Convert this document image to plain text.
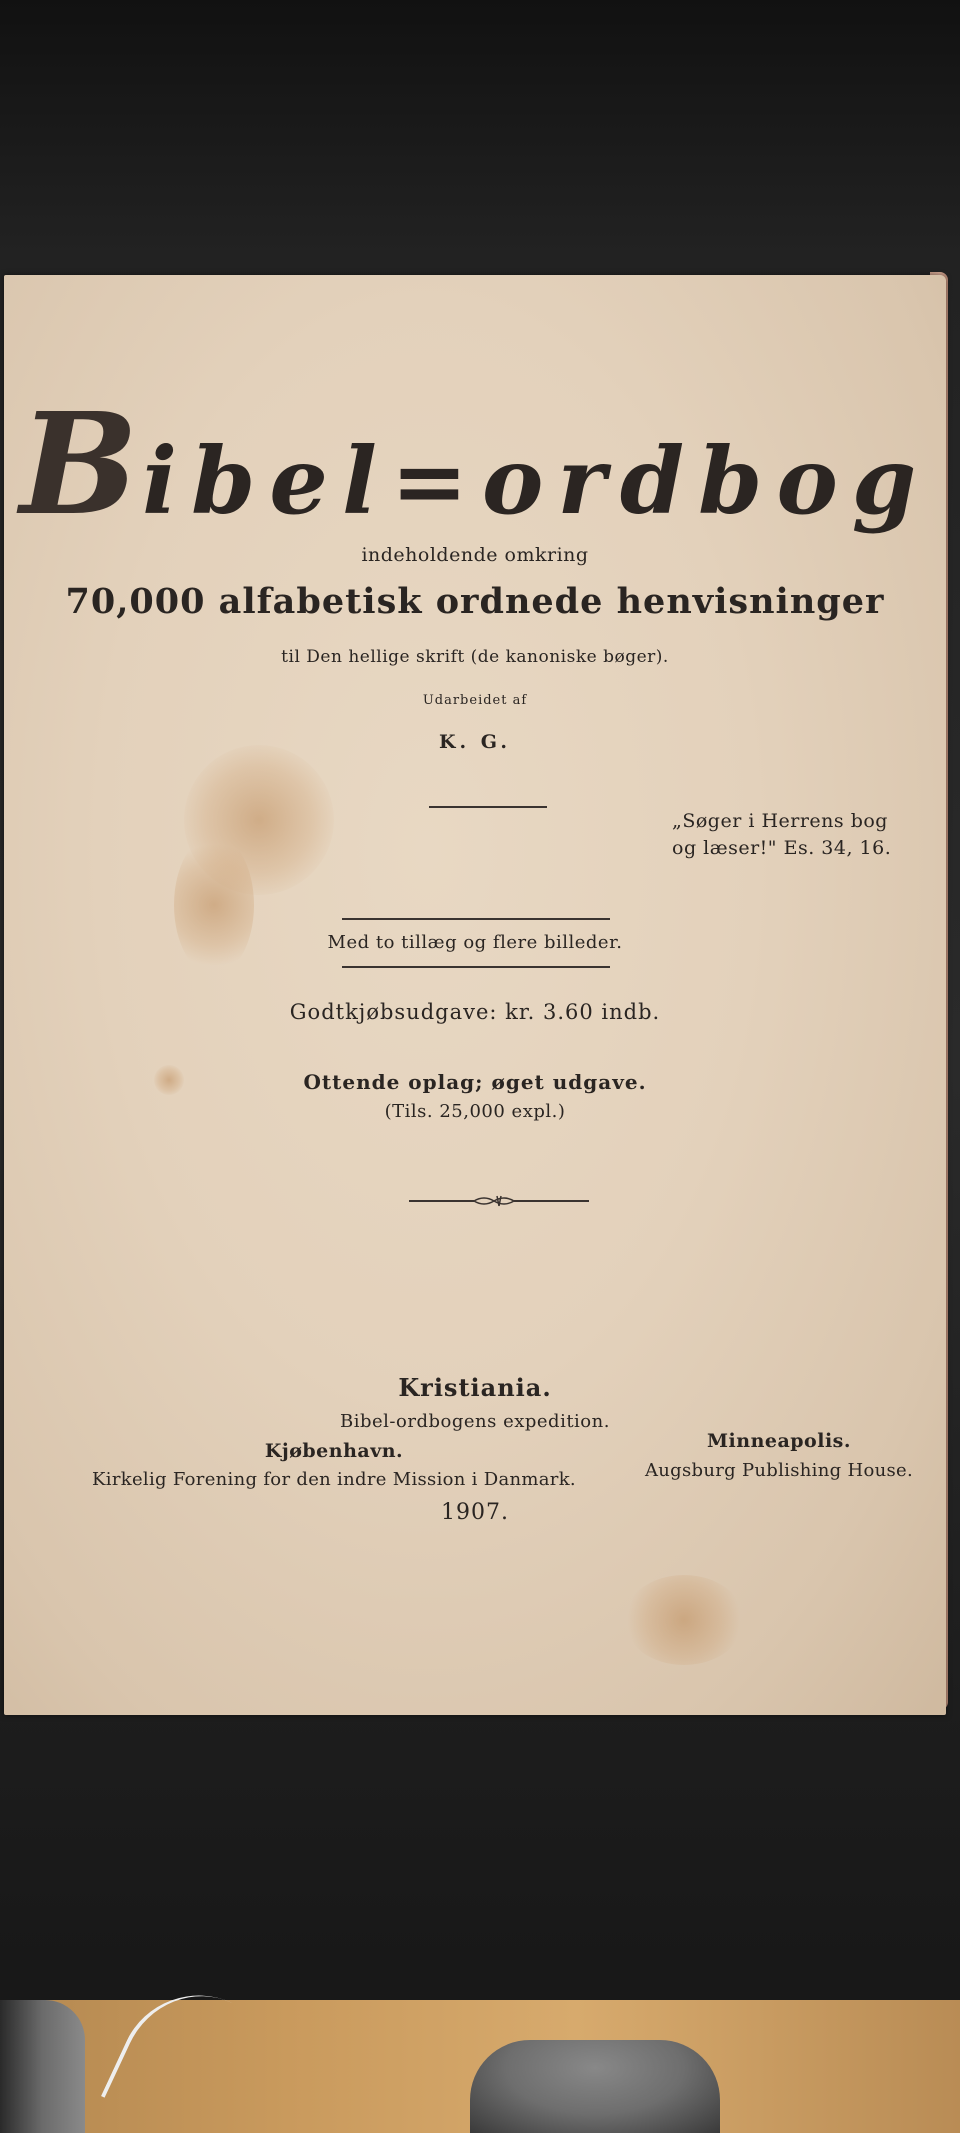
Bibel=ordbog
indeholdende omkring
70,000 alfabetisk ordnede henvisninger
til Den hellige skrift (de kanoniske bøger).
Udarbeidet af
K. G.
„Søger i Herrens bog
og læser!" Es. 34, 16.
Med to tillæg og flere billeder.
Godtkjøbsudgave: kr. 3.60 indb.
Ottende oplag; øget udgave.
(Tils. 25,000 expl.)
Kristiania.
Bibel-ordbogens expedition.
Kjøbenhavn.
Kirkelig Forening for den indre Mission i Danmark.
Minneapolis.
Augsburg Publishing House.
1907.
